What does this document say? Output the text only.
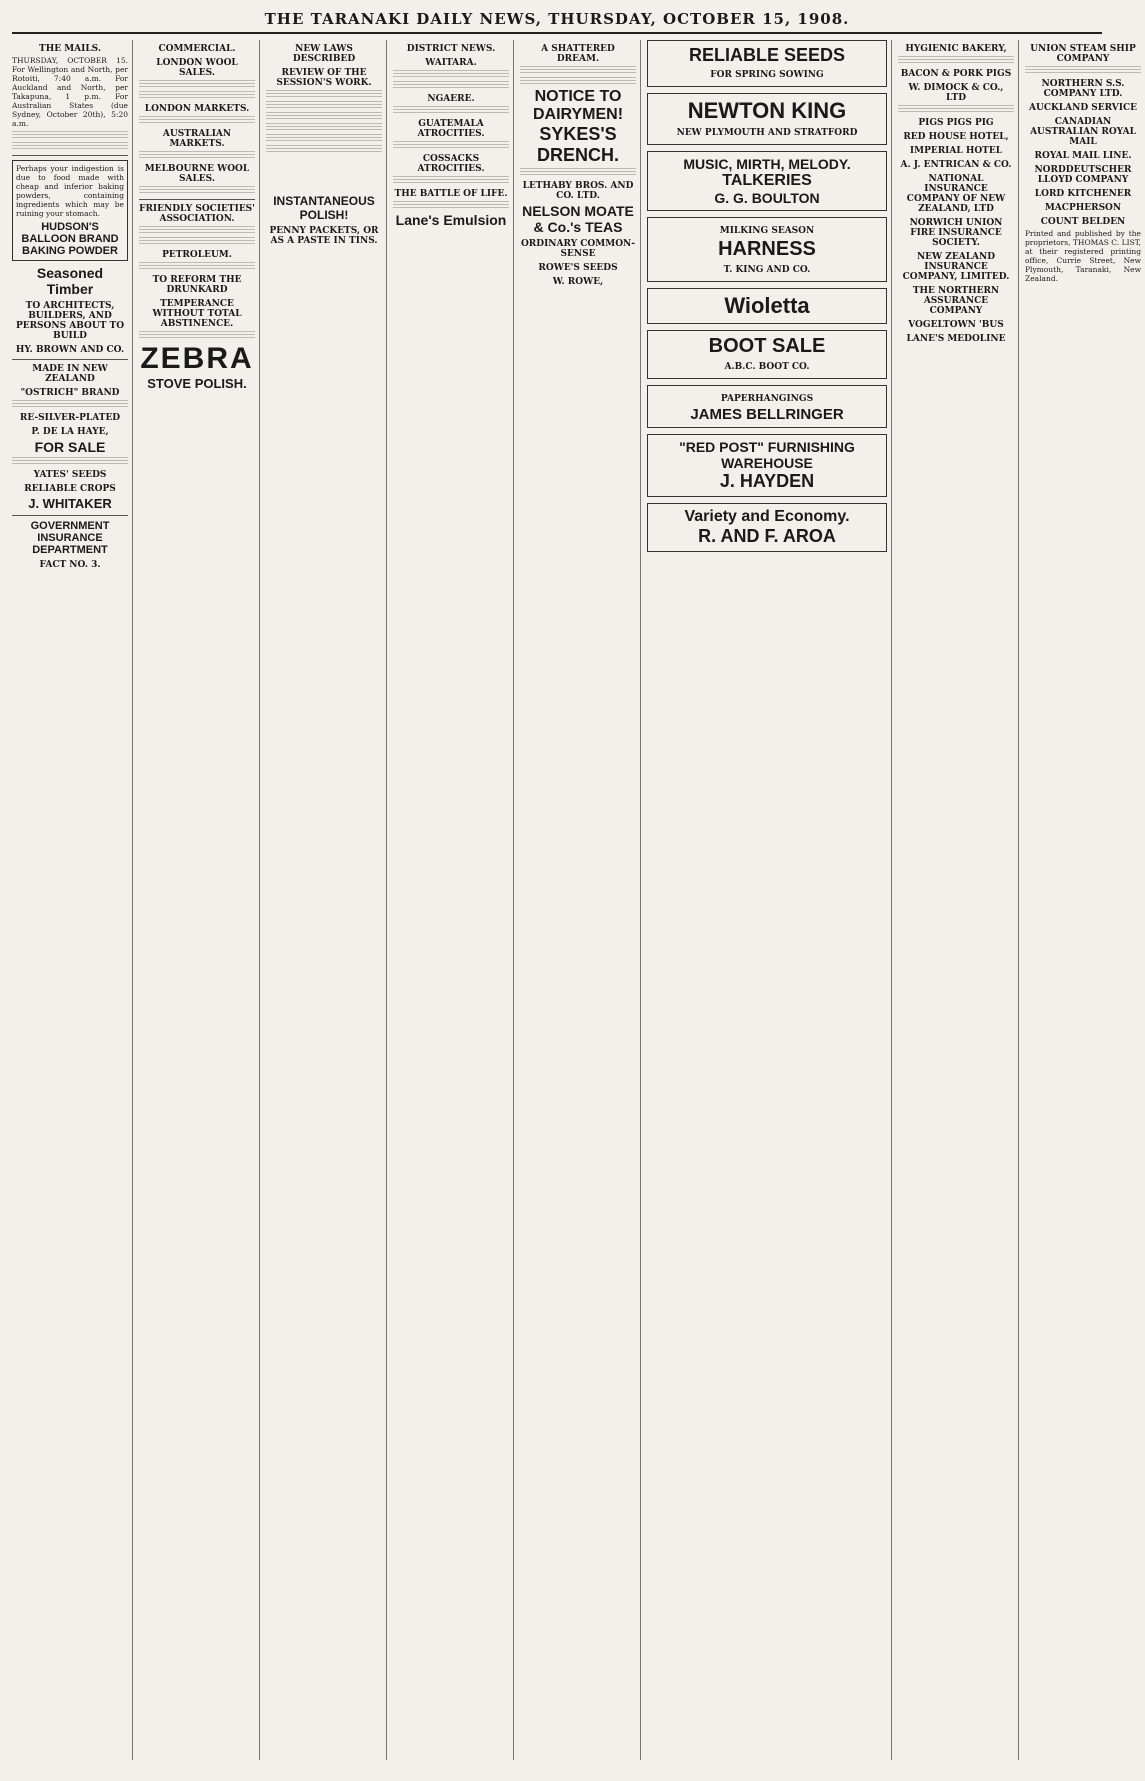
THE TARANAKI DAILY NEWS, THURSDAY, OCTOBER 15, 1908.
THE MAILS.

THURSDAY, OCTOBER 15. For Wellington and North, per Rotoiti, 7:40 a.m. For Auckland and North, per Takapuna, 1 p.m. For Australian States (due Sydney, October 20th), 5:20 a.m.

Perhaps your indigestion is due to food made with cheap and inferior baking powders, containing ingredients which may be ruining your stomach.

HUDSON'S BALLOON BRAND BAKING POWDER
Seasoned Timber
TO ARCHITECTS, BUILDERS, AND PERSONS ABOUT TO BUILD
HY. BROWN AND CO.
MADE IN NEW ZEALAND
"OSTRICH" BRAND
RE-SILVER-PLATED
P. DE LA HAYE,
FOR SALE
YATES' SEEDS
RELIABLE CROPS
J. WHITAKER
GOVERNMENT INSURANCE DEPARTMENT
FACT NO. 3.
COMMERCIAL.
LONDON WOOL SALES.
LONDON MARKETS.
AUSTRALIAN MARKETS.
MELBOURNE WOOL SALES.
FRIENDLY SOCIETIES' ASSOCIATION.
PETROLEUM.
TO REFORM THE DRUNKARD
TEMPERANCE WITHOUT TOTAL ABSTINENCE.
ZEBRA
STOVE POLISH.
NEW LAWS DESCRIBED
REVIEW OF THE SESSION'S WORK.
INSTANTANEOUS POLISH!
PENNY PACKETS, OR AS A PASTE IN TINS.
DISTRICT NEWS.
WAITARA.
NGAERE.
GUATEMALA ATROCITIES.
COSSACKS ATROCITIES.
THE BATTLE OF LIFE.
Lane's Emulsion
A SHATTERED DREAM.
NOTICE TO DAIRYMEN!
SYKES'S DRENCH.
LETHABY BROS. AND CO. LTD.
NELSON MOATE & Co.'s TEAS
ORDINARY COMMON-SENSE
ROWE'S SEEDS
W. ROWE,
RELIABLE SEEDS
FOR SPRING SOWING
NEWTON KING
NEW PLYMOUTH AND STRATFORD
MUSIC, MIRTH, MELODY.
TALKERIES
G. G. BOULTON
MILKING SEASON
HARNESS
T. KING AND CO.
Wioletta
BOOT SALE
A.B.C. BOOT CO.
PAPERHANGINGS
JAMES BELLRINGER
"RED POST" FURNISHING WAREHOUSE
J. HAYDEN
Variety and Economy.
R. AND F. AROA
HYGIENIC BAKERY,
BACON & PORK PIGS
W. DIMOCK & CO., LTD
PIGS PIGS PIG
RED HOUSE HOTEL,
IMPERIAL HOTEL
A. J. ENTRICAN & CO.
NATIONAL INSURANCE COMPANY OF NEW ZEALAND, LTD
NORWICH UNION FIRE INSURANCE SOCIETY.
NEW ZEALAND INSURANCE COMPANY, LIMITED.
THE NORTHERN ASSURANCE COMPANY
VOGELTOWN 'BUS
LANE'S MEDOLINE
UNION STEAM SHIP COMPANY
NORTHERN S.S. COMPANY LTD.
AUCKLAND SERVICE
CANADIAN AUSTRALIAN ROYAL MAIL
ROYAL MAIL LINE.
NORDDEUTSCHER LLOYD COMPANY
LORD KITCHENER
MACPHERSON
COUNT BELDEN

Printed and published by the proprietors, THOMAS C. LIST, at their registered printing office, Currie Street, New Plymouth, Taranaki, New Zealand.
